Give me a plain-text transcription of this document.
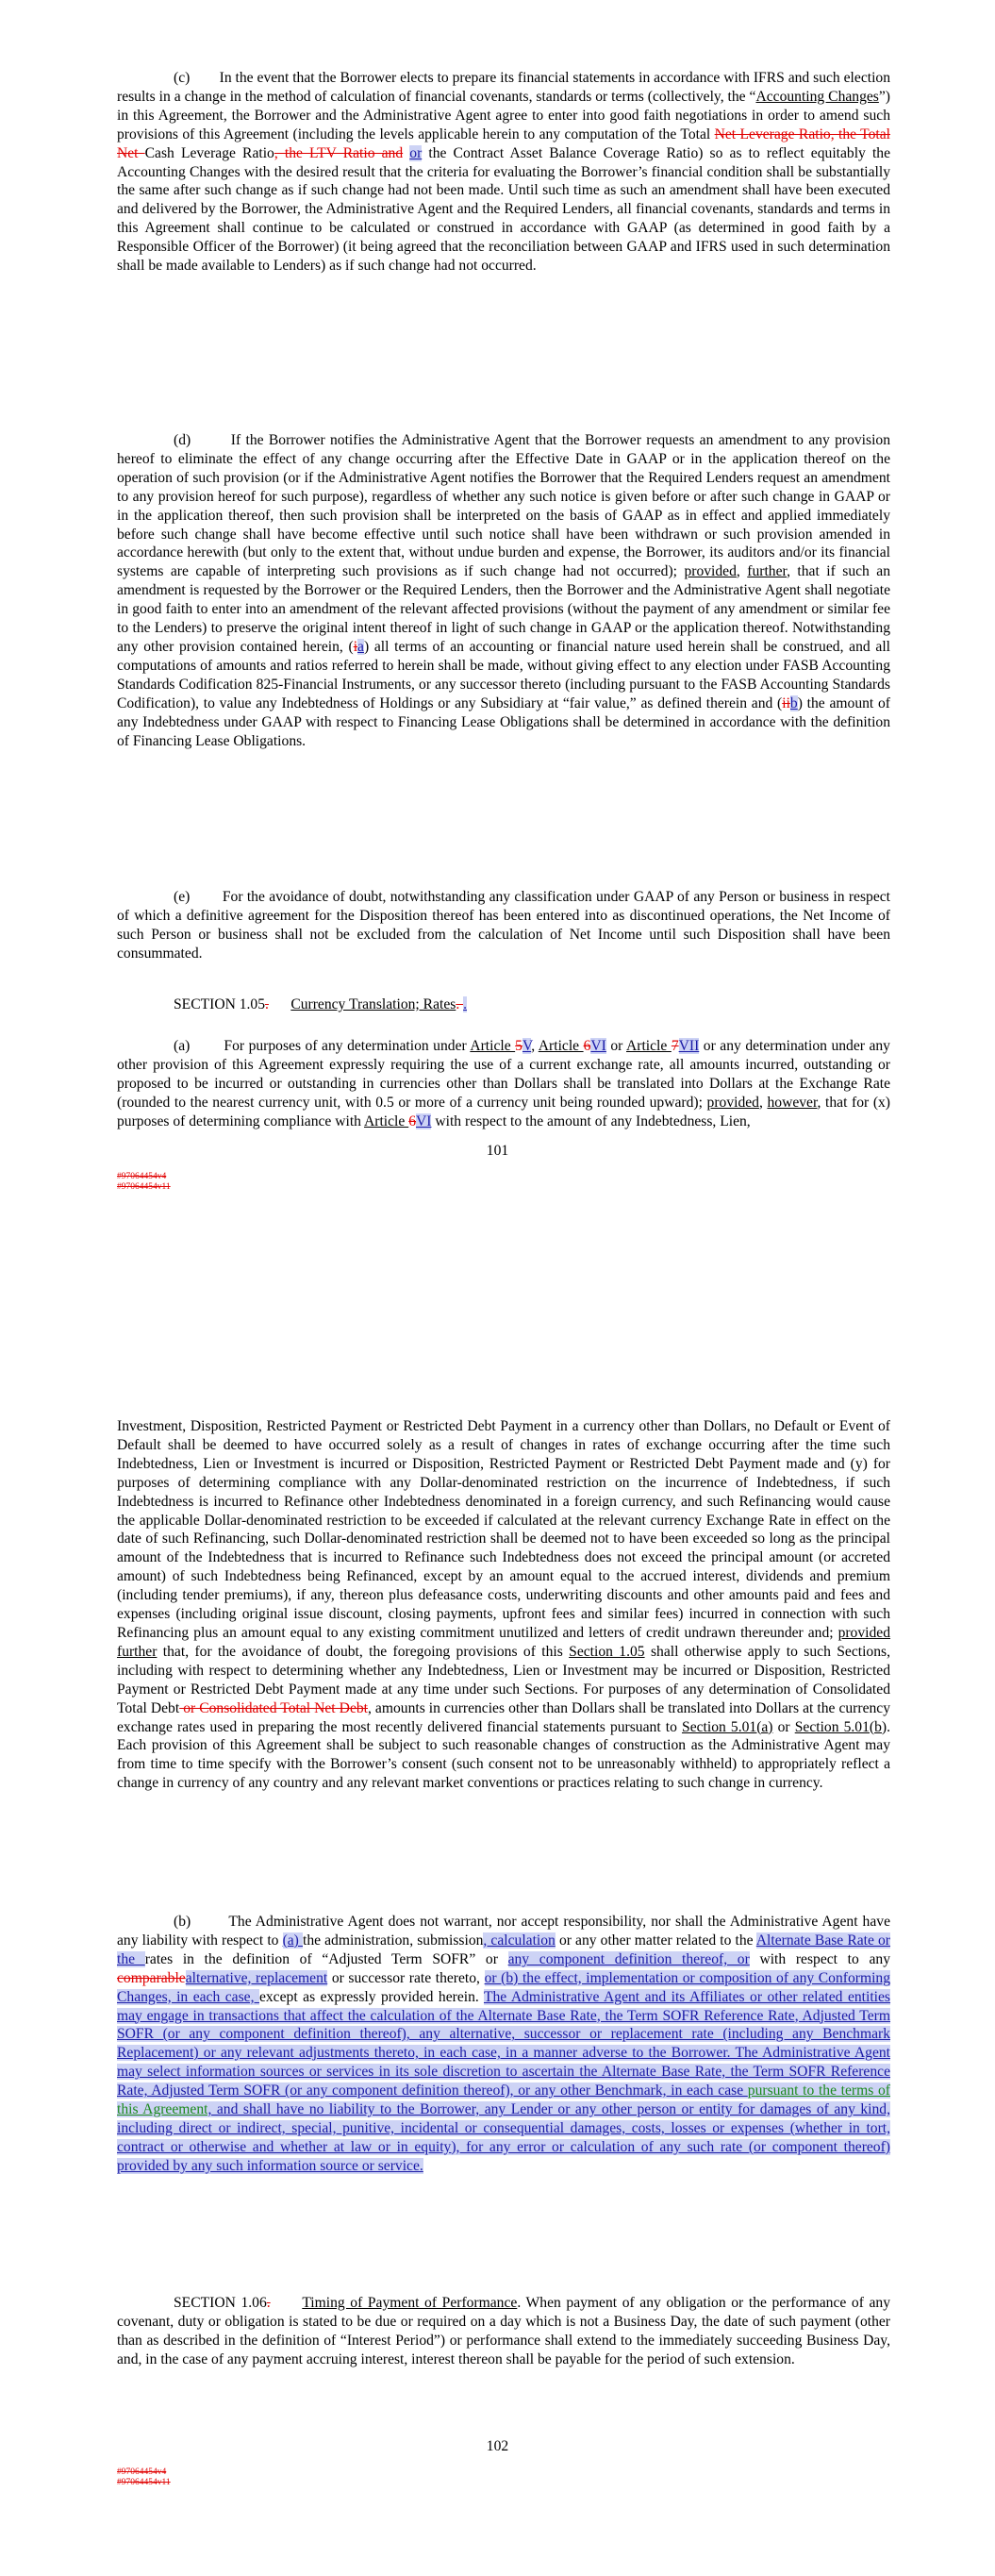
(c)        In the event that the Borrower elects to prepare its financial statements in accordance with IFRS and such election results in a change in the method of calculation of financial covenants, standards or terms (collectively, the “Accounting Changes”) in this Agreement, the Borrower and the Administrative Agent agree to enter into good faith negotiations in order to amend such provisions of this Agreement (including the levels applicable herein to any computation of the Total Net Leverage Ratio, the Total Net Cash Leverage Ratio, the LTV Ratio and or the Contract Asset Balance Coverage Ratio) so as to reflect equitably the Accounting Changes with the desired result that the criteria for evaluating the Borrower’s financial condition shall be substantially the same after such change as if such change had not been made. Until such time as such an amendment shall have been executed and delivered by the Borrower, the Administrative Agent and the Required Lenders, all financial covenants, standards and terms in this Agreement shall continue to be calculated or construed in accordance with GAAP (as determined in good faith by a Responsible Officer of the Borrower) (it being agreed that the reconciliation between GAAP and IFRS used in such determination shall be made available to Lenders) as if such change had not occurred.

(d)        If the Borrower notifies the Administrative Agent that the Borrower requests an amendment to any provision hereof to eliminate the effect of any change occurring after the Effective Date in GAAP or in the application thereof on the operation of such provision (or if the Administrative Agent notifies the Borrower that the Required Lenders request an amendment to any provision hereof for such purpose), regardless of whether any such notice is given before or after such change in GAAP or in the application thereof, then such provision shall be interpreted on the basis of GAAP as in effect and applied immediately before such change shall have become effective until such notice shall have been withdrawn or such provision amended in accordance herewith (but only to the extent that, without undue burden and expense, the Borrower, its auditors and/or its financial systems are capable of interpreting such provisions as if such change had not occurred); provided, further, that if such an amendment is requested by the Borrower or the Required Lenders, then the Borrower and the Administrative Agent shall negotiate in good faith to enter into an amendment of the relevant affected provisions (without the payment of any amendment or similar fee to the Lenders) to preserve the original intent thereof in light of such change in GAAP or the application thereof. Notwithstanding any other provision contained herein, (ia) all terms of an accounting or financial nature used herein shall be construed, and all computations of amounts and ratios referred to herein shall be made, without giving effect to any election under FASB Accounting Standards Codification 825-Financial Instruments, or any successor thereto (including pursuant to the FASB Accounting Standards Codification), to value any Indebtedness of Holdings or any Subsidiary at “fair value,” as defined therein and (iib) the amount of any Indebtedness under GAAP with respect to Financing Lease Obligations shall be determined in accordance with the definition of Financing Lease Obligations.

(e)        For the avoidance of doubt, notwithstanding any classification under GAAP of any Person or business in respect of which a definitive agreement for the Disposition thereof has been entered into as discontinued operations, the Net Income of such Person or business shall not be excluded from the calculation of Net Income until such Disposition shall have been consummated.

SECTION 1.05. Currency Translation; Rates. .

(a)        For purposes of any determination under Article 5V, Article 6VI or Article 7VII or any determination under any other provision of this Agreement expressly requiring the use of a current exchange rate, all amounts incurred, outstanding or proposed to be incurred or outstanding in currencies other than Dollars shall be translated into Dollars at the Exchange Rate (rounded to the nearest currency unit, with 0.5 or more of a currency unit being rounded upward); provided, however, that for (x) purposes of determining compliance with Article 6VI with respect to the amount of any Indebtedness, Lien,

101
#97064454v4
#97064454v11

Investment, Disposition, Restricted Payment or Restricted Debt Payment in a currency other than Dollars, no Default or Event of Default shall be deemed to have occurred solely as a result of changes in rates of exchange occurring after the time such Indebtedness, Lien or Investment is incurred or Disposition, Restricted Payment or Restricted Debt Payment made and (y) for purposes of determining compliance with any Dollar-denominated restriction on the incurrence of Indebtedness, if such Indebtedness is incurred to Refinance other Indebtedness denominated in a foreign currency, and such Refinancing would cause the applicable Dollar-denominated restriction to be exceeded if calculated at the relevant currency Exchange Rate in effect on the date of such Refinancing, such Dollar-denominated restriction shall be deemed not to have been exceeded so long as the principal amount of the Indebtedness that is incurred to Refinance such Indebtedness does not exceed the principal amount (or accreted amount) of such Indebtedness being Refinanced, except by an amount equal to the accrued interest, dividends and premium (including tender premiums), if any, thereon plus defeasance costs, underwriting discounts and other amounts paid and fees and expenses (including original issue discount, closing payments, upfront fees and similar fees) incurred in connection with such Refinancing plus an amount equal to any existing commitment unutilized and letters of credit undrawn thereunder and; provided further that, for the avoidance of doubt, the foregoing provisions of this Section 1.05 shall otherwise apply to such Sections, including with respect to determining whether any Indebtedness, Lien or Investment may be incurred or Disposition, Restricted Payment or Restricted Debt Payment made at any time under such Sections. For purposes of any determination of Consolidated Total Debt or Consolidated Total Net Debt, amounts in currencies other than Dollars shall be translated into Dollars at the currency exchange rates used in preparing the most recently delivered financial statements pursuant to Section 5.01(a) or Section 5.01(b). Each provision of this Agreement shall be subject to such reasonable changes of construction as the Administrative Agent may from time to time specify with the Borrower’s consent (such consent not to be unreasonably withheld) to appropriately reflect a change in currency of any country and any relevant market conventions or practices relating to such change in currency.

(b)        The Administrative Agent does not warrant, nor accept responsibility, nor shall the Administrative Agent have any liability with respect to (a) the administration, submission, calculation or any other matter related to the Alternate Base Rate or the rates in the definition of “Adjusted Term SOFR” or any component definition thereof, or with respect to any comparablealternative, replacement or successor rate thereto, or (b) the effect, implementation or composition of any Conforming Changes, in each case, except as expressly provided herein. The Administrative Agent and its Affiliates or other related entities may engage in transactions that affect the calculation of the Alternate Base Rate, the Term SOFR Reference Rate, Adjusted Term SOFR (or any component definition thereof), any alternative, successor or replacement rate (including any Benchmark Replacement) or any relevant adjustments thereto, in each case, in a manner adverse to the Borrower. The Administrative Agent may select information sources or services in its sole discretion to ascertain the Alternate Base Rate, the Term SOFR Reference Rate, Adjusted Term SOFR (or any component definition thereof), or any other Benchmark, in each case pursuant to the terms of this Agreement, and shall have no liability to the Borrower, any Lender or any other person or entity for damages of any kind, including direct or indirect, special, punitive, incidental or consequential damages, costs, losses or expenses (whether in tort, contract or otherwise and whether at law or in equity), for any error or calculation of any such rate (or component thereof) provided by any such information source or service.

SECTION 1.06. Timing of Payment of Performance. When payment of any obligation or the performance of any covenant, duty or obligation is stated to be due or required on a day which is not a Business Day, the date of such payment (other than as described in the definition of “Interest Period”) or performance shall extend to the immediately succeeding Business Day, and, in the case of any payment accruing interest, interest thereon shall be payable for the period of such extension.

102
#97064454v4
#97064454v11
